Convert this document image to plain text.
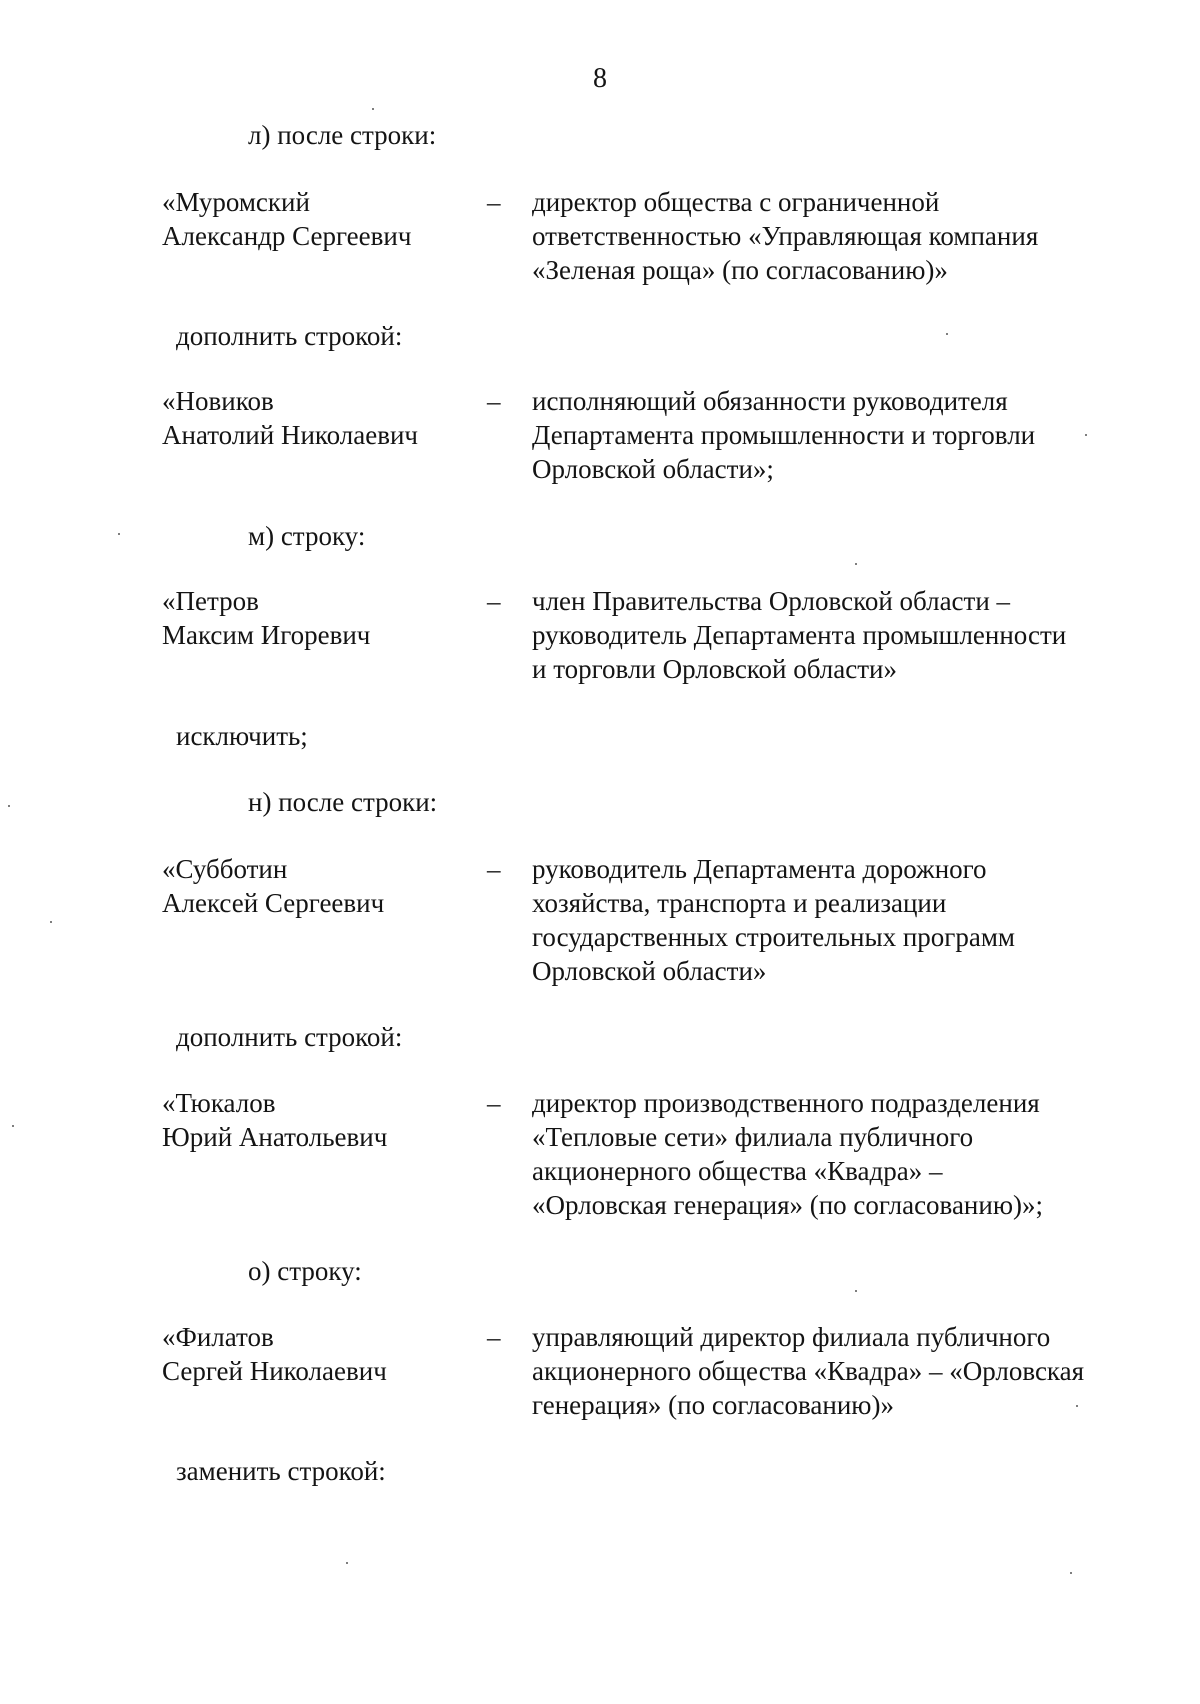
8
л) после строки:
«Муромский
Александр Сергеевич
– директор общества с ограниченной
ответственностью «Управляющая компания
«Зеленая роща» (по согласованию)»
дополнить строкой:
«Новиков
Анатолий Николаевич
– исполняющий обязанности руководителя
Департамента промышленности и торговли
Орловской области»;
м) строку:
«Петров
Максим Игоревич
– член Правительства Орловской области –
руководитель Департамента промышленности
и торговли Орловской области»
исключить;
н) после строки:
«Субботин
Алексей Сергеевич
– руководитель Департамента дорожного
хозяйства, транспорта и реализации
государственных строительных программ
Орловской области»
дополнить строкой:
«Тюкалов
Юрий Анатольевич
– директор производственного подразделения
«Тепловые сети» филиала публичного
акционерного общества «Квадра» –
«Орловская генерация» (по согласованию)»;
о) строку:
«Филатов
Сергей Николаевич
– управляющий директор филиала публичного
акционерного общества «Квадра» – «Орловская
генерация» (по согласованию)»
заменить строкой:
